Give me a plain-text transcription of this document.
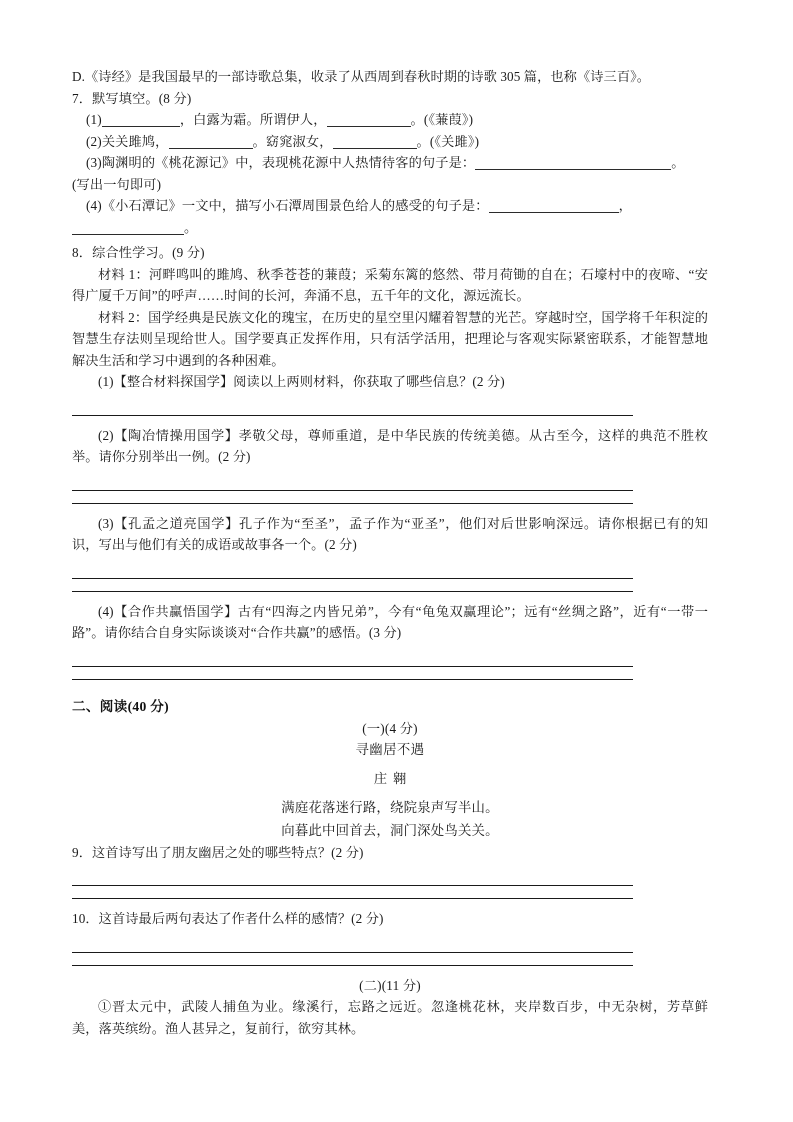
D.《诗经》是我国最早的一部诗歌总集，收录了从西周到春秋时期的诗歌 305 篇，也称《诗三百》。
7．默写填空。(8 分)
(1)	，白露为霜。所谓伊人，	。(《蒹葭》)
(2)关关雎鸠，	。窈窕淑女，	。(《关雎》)
(3)陶渊明的《桃花源记》中，表现桃花源中人热情待客的句子是：	。
(写出一句即可)
(4)《小石潭记》一文中，描写小石潭周围景色给人的感受的句子是：	，
。
8．综合性学习。(9 分)
材料 1：河畔鸣叫的雎鸠、秋季苍苍的蒹葭；采菊东篱的悠然、带月荷锄的自在；石壕村中的夜啼、“安得广厦千万间”的呼声……时间的长河，奔涌不息，五千年的文化，源远流长。
材料 2：国学经典是民族文化的瑰宝，在历史的星空里闪耀着智慧的光芒。穿越时空，国学将千年积淀的智慧生存法则呈现给世人。国学要真正发挥作用，只有活学活用，把理论与客观实际紧密联系，才能智慧地解决生活和学习中遇到的各种困难。
(1)【整合材料探国学】阅读以上两则材料，你获取了哪些信息？(2 分)
(2)【陶冶情操用国学】孝敬父母，尊师重道，是中华民族的传统美德。从古至今，这样的典范不胜枚举。请你分别举出一例。(2 分)
(3)【孔孟之道亮国学】孔子作为“至圣”，孟子作为“亚圣”，他们对后世影响深远。请你根据已有的知识，写出与他们有关的成语或故事各一个。(2 分)
(4)【合作共赢悟国学】古有“四海之内皆兄弟”，今有“龟兔双赢理论”；远有“丝绸之路”，近有“一带一路”。请你结合自身实际谈谈对“合作共赢”的感悟。(3 分)
二、阅读(40 分)
(一)(4 分)
寻幽居不遇
庄翱
满庭花落迷行路，绕院泉声写半山。
向暮此中回首去，洞门深处鸟关关。
9．这首诗写出了朋友幽居之处的哪些特点？(2 分)
10．这首诗最后两句表达了作者什么样的感情？(2 分)
(二)(11 分)
①晋太元中，武陵人捕鱼为业。缘溪行，忘路之远近。忽逢桃花林，夹岸数百步，中无杂树，芳草鲜美，落英缤纷。渔人甚异之，复前行，欲穷其林。
